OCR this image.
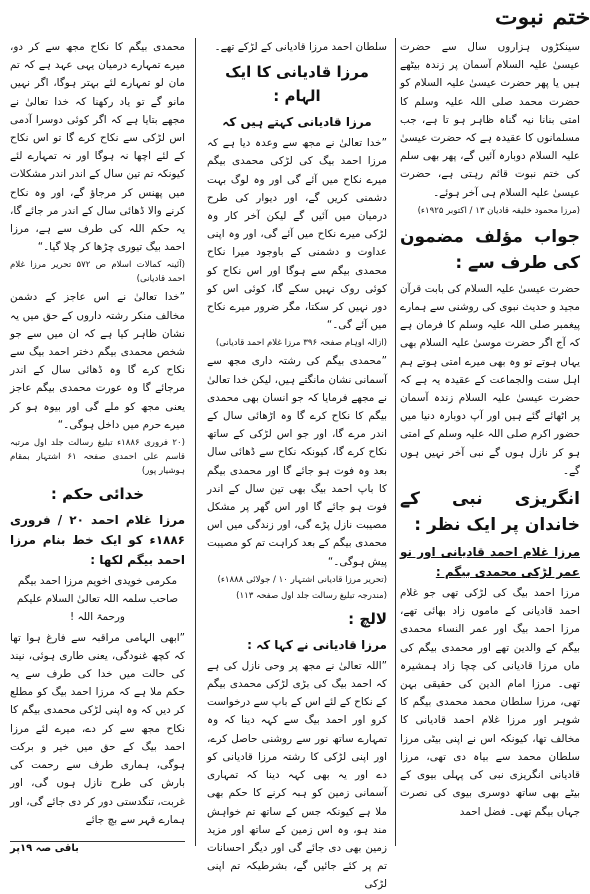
ختم نبوت

سینکڑوں ہزاروں سال سے حضرت عیسیٰ علیہ السلام آسمان پر زندہ بیٹھے ہیں یا پھر حضرت عیسیٰ علیہ السلام کو حضرت محمد صلی اللہ علیہ وسلم کا امتی بنانا نیہ گناہ ظاہر ہو تا ہے، جب مسلمانوں کا عقیدہ ہے کہ حضرت عیسیٰ علیہ السلام دوبارہ آئیں گے، پھر بھی سلم کی ختم نبوت قائم رہتی ہے، حضرت عیسیٰ علیہ السلام ہی آخر ہوئے۔

(مرزا محمود خلیفہ قادیان ۱۳ / اکتوبر ۱۹۲۵ء)

جواب مؤلف مضمون کی طرف سے :

حضرت عیسیٰ علیہ السلام کی بابت قرآن مجید و حدیث نبوی کی روشنی سے ہمارے پیغمبر صلی اللہ علیہ وسلم کا فرمان ہے کہ آج اگر حضرت موسیٰ علیہ السلام بھی یہاں ہوتے تو وہ بھی میرے امتی ہوتے ہم اہل سنت والجماعت کے عقیدہ یہ ہے کہ حضرت عیسیٰ علیہ السلام زندہ آسمان پر اٹھائے گئے ہیں اور آپ دوبارہ دنیا میں حضور اکرم صلی اللہ علیہ وسلم کے امتی ہو کر نازل ہوں گے نبی آخر نہیں ہوں گے۔

انگریزی نبی کے خاندان پر ایک نظر :
مرزا غلام احمد قادیانی اور نو عمر لڑکی محمدی بیگم :

مرزا احمد بیگ کی لڑکی تھی جو غلام احمد قادیانی کے ماموں زاد بھائی تھے، مرزا احمد بیگ اور عمر النساء محمدی بیگم کے والدین تھے اور محمدی بیگم کی ماں مرزا قادیانی کی چچا زاد ہمشیرہ تھی۔ مرزا امام الدین کی حقیقی بہن تھی، مرزا سلطان محمد محمدی بیگم کا شوہر اور مرزا غلام احمد قادیانی کا مخالف تھا، کیونکہ اس نے اپنی بیٹی مرزا سلطان محمد سے بیاہ دی تھی، مرزا قادیانی انگریزی نبی کی پہلی بیوی کے بیٹے بھی ساتھ دوسری بیوی کی نصرت جہاں بیگم تھی۔ فضل احمد

سلطان احمد مرزا قادیانی کے لڑکے تھے۔

مرزا قادیانی کا ایک الہام :
مرزا قادیانی کہتے ہیں کہ

”خدا تعالیٰ نے مجھ سے وعدہ دیا ہے کہ مرزا احمد بیگ کی لڑکی محمدی بیگم میرے نکاح میں آئے گی اور وہ لوگ بہت دشمنی کریں گے، اور دیوار کی طرح درمیان میں آئیں گے لیکن آخر کار وہ لڑکی میرے نکاح میں آئے گی، اور وہ اپنی عداوت و دشمنی کے باوجود میرا نکاح محمدی بیگم سے ہوگا اور اس نکاح کو کوئی روک نہیں سکے گا، کوئی اس کو دور نہیں کر سکتا، مگر ضرور میرے نکاح میں آئے گی۔“

(ازالہ اوہام صفحہ ۳۹۶ مرزا غلام احمد قادیانی)

”محمدی بیگم کی رشتہ داری مجھ سے آسمانی نشان مانگتے ہیں، لیکن خدا تعالیٰ نے مجھے فرمایا کہ جو انسان بھی محمدی بیگم کا نکاح کرے گا وہ اڑھائی سال کے اندر مرے گا، اور جو اس لڑکی کے ساتھ نکاح کرے گا، کیونکہ نکاح سے ڈھائی سال بعد وہ فوت ہو جائے گا اور محمدی بیگم کا باپ احمد بیگ بھی تین سال کے اندر فوت ہو جائے گا اور اس گھر پر مشکل مصیبت نازل پڑے گی، اور زندگی میں اس محمدی بیگم کے بعد کراہت تم کو مصیبت پیش ہوگی۔“

(تحریر مرزا قادیانی اشتہار ۱۰ / جولائی ۱۸۸۸ء)

(مندرجہ تبلیغ رسالت جلد اول صفحہ ۱۱۳)

لالچ :
مرزا قادیانی نے کہا کہ :

”اللہ تعالیٰ نے مجھ پر وحی نازل کی ہے کہ احمد بیگ کی بڑی لڑکی محمدی بیگم کے نکاح کے لئے اس کے باپ سے درخواست کرو اور احمد بیگ سے کہہ دینا کہ وہ تمہارے ساتھ نور سے روشنی حاصل کرے، اور اپنی لڑکی کا رشتہ مرزا قادیانی کو دے اور یہ بھی کہہ دینا کہ تمہاری آسمانی زمین کو ہبہ کرنے کا حکم بھی ملا ہے کیونکہ جس کے ساتھ تم خواہش مند ہو، وہ اس زمین کے ساتھ اور مزید زمین بھی دی جائے گی اور دیگر احسانات تم پر کئے جائیں گے، بشرطیکہ تم اپنی لڑکی

محمدی بیگم کا نکاح مجھ سے کر دو، میرے تمہارے درمیان یہی عہد ہے کہ تم مان لو تمہارے لئے بہتر ہوگا، اگر نہیں مانو گے تو یاد رکھنا کہ خدا تعالیٰ نے مجھے بتایا ہے کہ اگر کوئی دوسرا آدمی اس لڑکی سے نکاح کرے گا تو اس نکاح کے لئے اچھا نہ ہوگا اور نہ تمہارے لئے کیونکہ تم تین سال کے اندر اندر مشکلات میں پھنس کر مرجاؤ گے، اور وہ نکاح کرنے والا ڈھائی سال کے اندر مر جائے گا، یہ حکم اللہ کی طرف سے ہے، مرزا احمد بیگ تیوری چڑھا کر چلا گیا۔“

(آئینہ کمالات اسلام ص ۵۷۲ تحریر مرزا غلام احمد قادیانی)

”خدا تعالیٰ نے اس عاجز کے دشمن مخالف منکر رشتہ داروں کے حق میں یہ نشان ظاہر کیا ہے کہ ان میں سے جو شخص محمدی بیگم دختر احمد بیگ سے نکاح کرے گا وہ ڈھائی سال کے اندر مرجائے گا وہ عورت محمدی بیگم عاجز یعنی مجھ کو ملے گی اور بیوہ ہو کر میرے حرم میں داخل ہوگی۔“

(۲۰ فروری ۱۸۸۶ء تبلیغ رسالت جلد اول مرتبہ قاسم علی احمدی صفحہ ۶۱ اشتہار بمقام ہوشیار پور)

خدائی حکم :
مرزا غلام احمد ۲۰ / فروری ۱۸۸۶ء کو ایک خط بنام مرزا احمد بیگم لکھا :

مکرمی خویدی اخویم مرزا احمد بیگم صاحب سلمہ اللہ تعالیٰ السلام علیکم ورحمۃ اللہ !

”ابھی الہامی مراقبہ سے فارغ ہوا تھا کہ کچھ غنودگی، یعنی طاری ہوئی، نیند کی حالت میں خدا کی طرف سے یہ حکم ملا ہے کہ مرزا احمد بیگ کو مطلع کر دیں کہ وہ اپنی لڑکی محمدی بیگم کا نکاح مجھ سے کر دے، میرے لئے مرزا احمد بیگ کے حق میں خیر و برکت ہوگی، ہماری طرف سے رحمت کی بارش کی طرح نازل ہوں گی، اور غربت، تنگدستی دور کر دی جائے گی، اور ہمارے قہر سے بچ جائے

باقی صہ ۱۹پر
